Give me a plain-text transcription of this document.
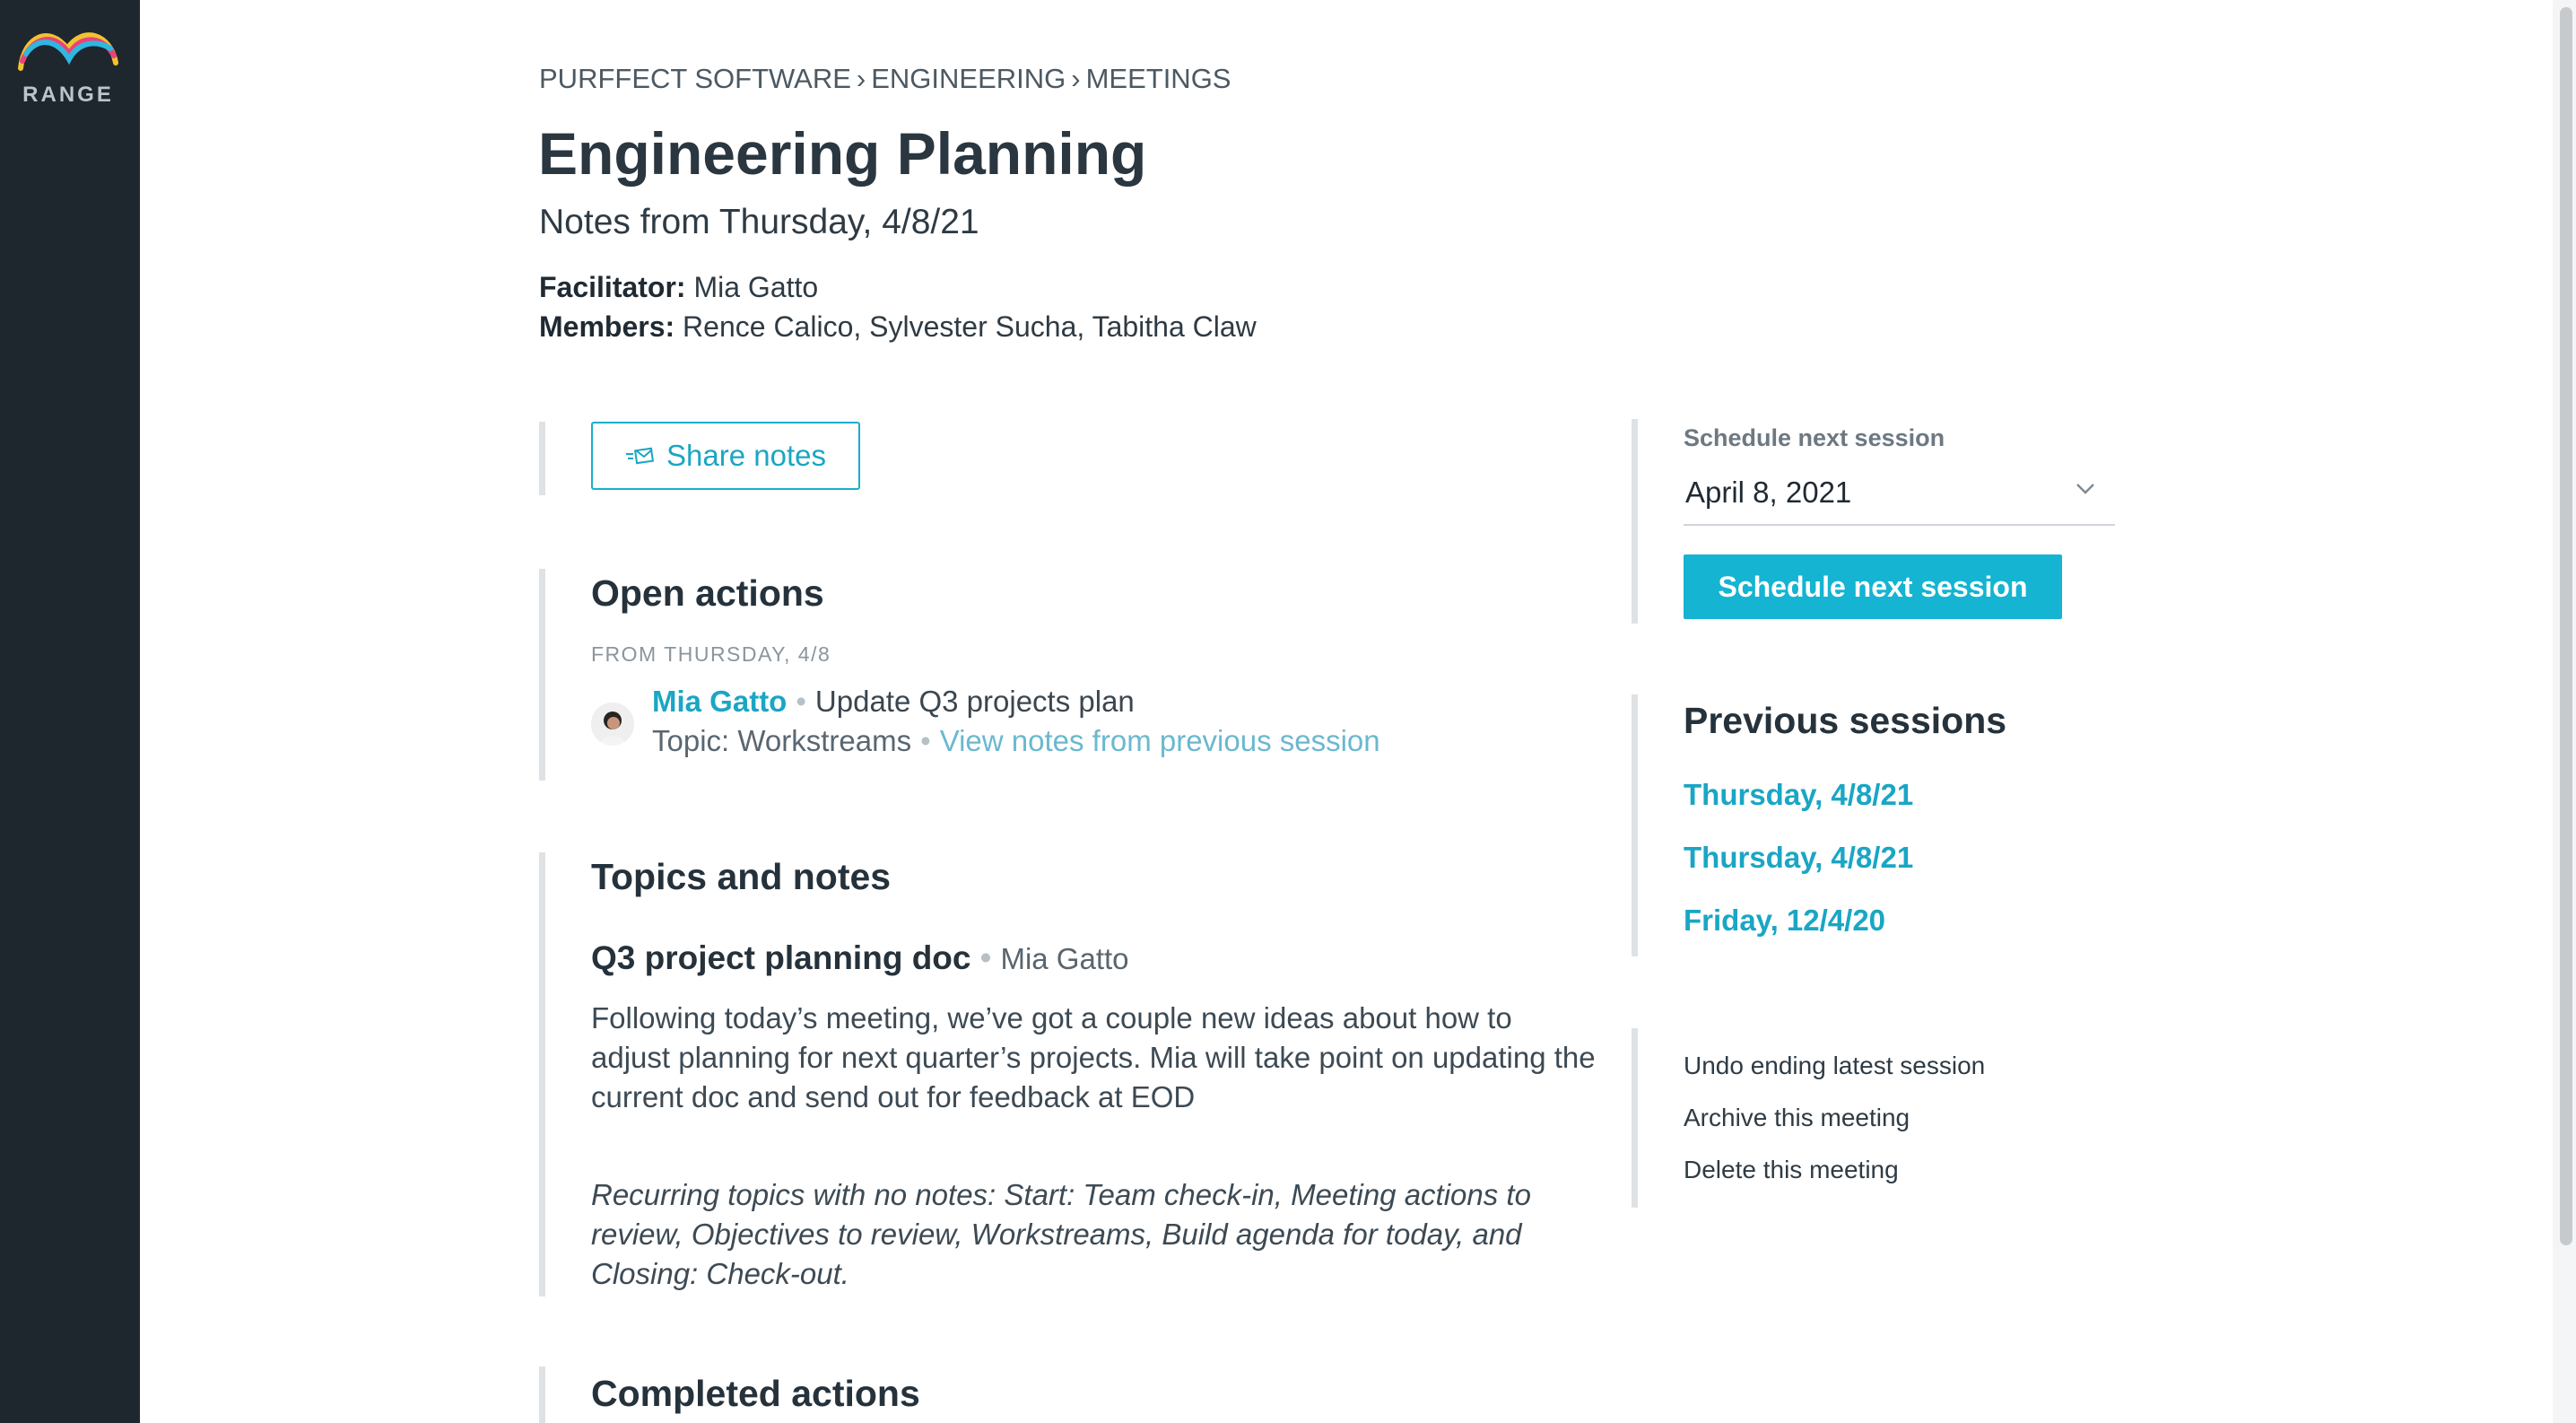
RANGE
PURFFECT SOFTWARE › ENGINEERING › MEETINGS
Engineering Planning
Notes from Thursday, 4/8/21
Facilitator: Mia Gatto
Members: Rence Calico, Sylvester Sucha, Tabitha Claw
Share notes
Open actions
FROM THURSDAY, 4/8
Mia Gatto • Update Q3 projects plan
Topic: Workstreams • View notes from previous session
Topics and notes
Q3 project planning doc • Mia Gatto
Following today’s meeting, we’ve got a couple new ideas about how to adjust planning for next quarter’s projects. Mia will take point on updating the current doc and send out for feedback at EOD
Recurring topics with no notes: Start: Team check-in, Meeting actions to review, Objectives to review, Workstreams, Build agenda for today, and Closing: Check-out.
Completed actions
Schedule next session
April 8, 2021
Schedule next session
Previous sessions
Thursday, 4/8/21
Thursday, 4/8/21
Friday, 12/4/20
Undo ending latest session
Archive this meeting
Delete this meeting
